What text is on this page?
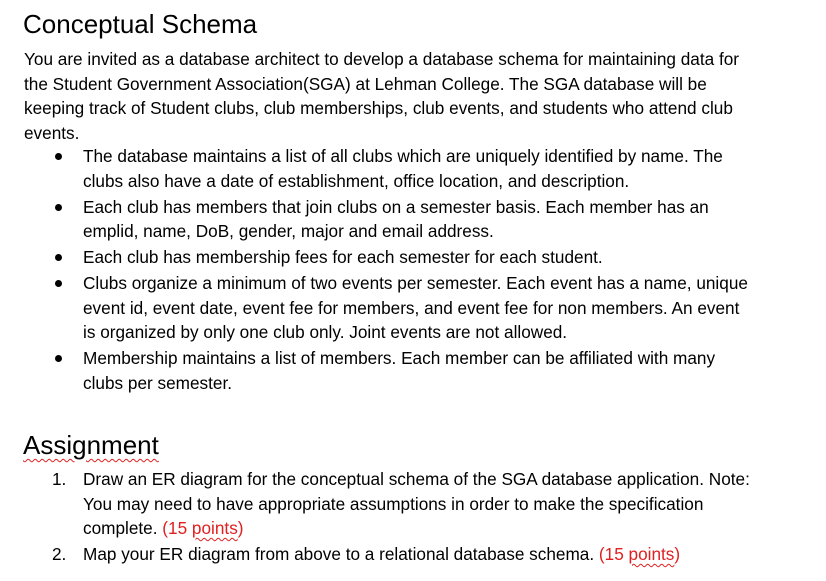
Conceptual Schema
You are invited as a database architect to develop a database schema for maintaining data for
the Student Government Association(SGA) at Lehman College. The SGA database will be
keeping track of Student clubs, club memberships, club events, and students who attend club
events.
The database maintains a list of all clubs which are uniquely identified by name. The
clubs also have a date of establishment, office location, and description.
Each club has members that join clubs on a semester basis. Each member has an
emplid, name, DoB, gender, major and email address.
Each club has membership fees for each semester for each student.
Clubs organize a minimum of two events per semester. Each event has a name, unique
event id, event date, event fee for members, and event fee for non members. An event
is organized by only one club only. Joint events are not allowed.
Membership maintains a list of members. Each member can be affiliated with many
clubs per semester.
Assignment
1. Draw an ER diagram for the conceptual schema of the SGA database application. Note:
You may need to have appropriate assumptions in order to make the specification
complete. (15 points)
2. Map your ER diagram from above to a relational database schema. (15 points)
